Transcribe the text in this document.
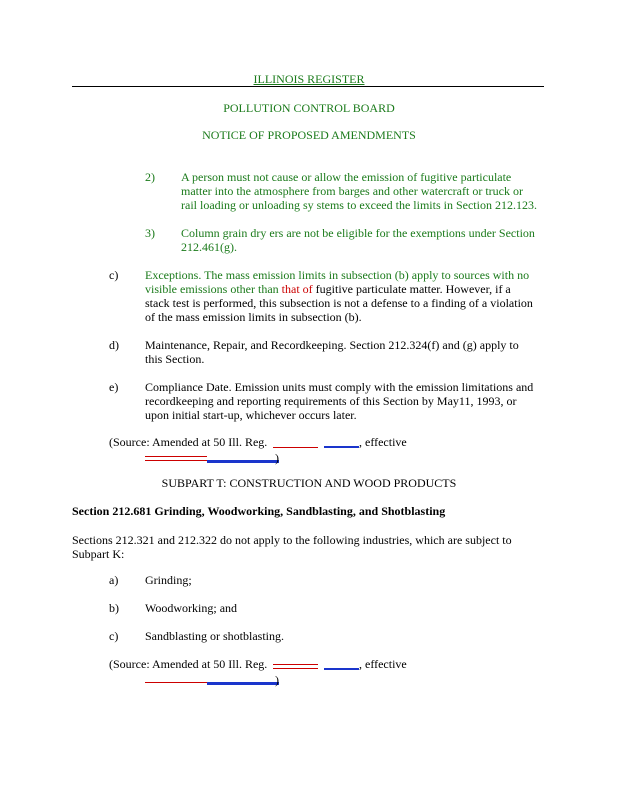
ILLINOIS REGISTER
POLLUTION CONTROL BOARD
NOTICE OF PROPOSED AMENDMENTS
2) A person must not cause or allow the emission of fugitive particulate
matter into the atmosphere from barges and other watercraft or truck or
rail loading or unloading sy stems to exceed the limits in Section 212.123.
3) Column grain dry ers are not be eligible for the exemptions under Section
212.461(g).
c) Exceptions. The mass emission limits in subsection (b) apply to sources with no
visible emissions other than that of fugitive particulate matter. However, if a
stack test is performed, this subsection is not a defense to a finding of a violation
of the mass emission limits in subsection (b).
d) Maintenance, Repair, and Recordkeeping. Section 212.324(f) and (g) apply to
this Section.
e) Compliance Date. Emission units must comply with the emission limitations and
recordkeeping and reporting requirements of this Section by May11, 1993, or
upon initial start-up, whichever occurs later.
(Source: Amended at 50 Ill. Reg.	, effective
)
SUBPART T: CONSTRUCTION AND WOOD PRODUCTS
Section 212.681 Grinding, Woodworking, Sandblasting, and Shotblasting
Sections 212.321 and 212.322 do not apply to the following industries, which are subject to
Subpart K:
a) Grinding;
b) Woodworking; and
c) Sandblasting or shotblasting.
(Source: Amended at 50 Ill. Reg.	, effective
)
